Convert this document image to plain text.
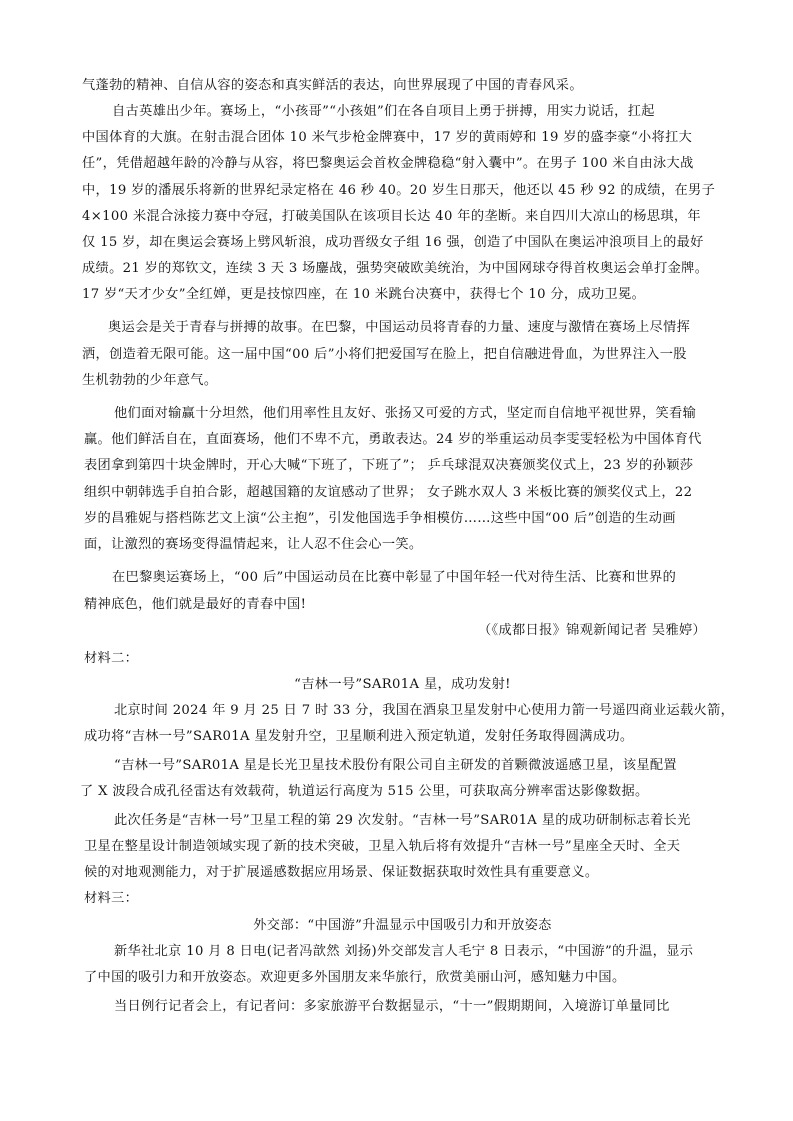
气蓬勃的精神、自信从容的姿态和真实鲜活的表达，向世界展现了中国的青春风采。
自古英雄出少年。赛场上，“小孩哥”“小孩姐”们在各自项目上勇于拼搏，用实力说话，扛起
中国体育的大旗。在射击混合团体 10 米气步枪金牌赛中，17 岁的黄雨婷和 19 岁的盛李豪“小将扛大
任”，凭借超越年龄的冷静与从容，将巴黎奥运会首枚金牌稳稳“射入囊中”。在男子 100 米自由泳大战
中，19 岁的潘展乐将新的世界纪录定格在 46 秒 40。20 岁生日那天，他还以 45 秒 92 的成绩，在男子
4×100 米混合泳接力赛中夺冠，打破美国队在该项目长达 40 年的垄断。来自四川大凉山的杨思琪，年
仅 15 岁，却在奥运会赛场上劈风斩浪，成功晋级女子组 16 强，创造了中国队在奥运冲浪项目上的最好
成绩。21 岁的郑钦文，连续 3 天 3 场鏖战，强势突破欧美统治，为中国网球夺得首枚奥运会单打金牌。
17 岁“天才少女”全红婵，更是技惊四座，在 10 米跳台决赛中，获得七个 10 分，成功卫冕。
奥运会是关于青春与拼搏的故事。在巴黎，中国运动员将青春的力量、速度与激情在赛场上尽情挥
洒，创造着无限可能。这一届中国“00 后”小将们把爱国写在脸上，把自信融进骨血，为世界注入一股
生机勃勃的少年意气。
他们面对输赢十分坦然，他们用率性且友好、张扬又可爱的方式，坚定而自信地平视世界，笑看输
赢。他们鲜活自在，直面赛场，他们不卑不亢，勇敢表达。24 岁的举重运动员李雯雯轻松为中国体育代
表团拿到第四十块金牌时，开心大喊“下班了，下班了”； 乒乓球混双决赛颁奖仪式上，23 岁的孙颖莎
组织中朝韩选手自拍合影，超越国籍的友谊感动了世界； 女子跳水双人 3 米板比赛的颁奖仪式上，22
岁的昌雅妮与搭档陈艺文上演“公主抱”，引发他国选手争相模仿……这些中国“00 后”创造的生动画
面，让激烈的赛场变得温情起来，让人忍不住会心一笑。
在巴黎奥运赛场上，“00 后”中国运动员在比赛中彰显了中国年轻一代对待生活、比赛和世界的
精神底色，他们就是最好的青春中国!
（《成都日报》锦观新闻记者 吴雅婷）
材料二：
“吉林一号”SAR01A 星，成功发射!
北京时间 2024 年 9 月 25 日 7 时 33 分，我国在酒泉卫星发射中心使用力箭一号遥四商业运载火箭，
成功将“吉林一号”SAR01A 星发射升空，卫星顺利进入预定轨道，发射任务取得圆满成功。
“吉林一号”SAR01A 星是长光卫星技术股份有限公司自主研发的首颗微波遥感卫星，该星配置
了 X 波段合成孔径雷达有效载荷，轨道运行高度为 515 公里，可获取高分辨率雷达影像数据。
此次任务是“吉林一号”卫星工程的第 29 次发射。“吉林一号”SAR01A 星的成功研制标志着长光
卫星在整星设计制造领域实现了新的技术突破，卫星入轨后将有效提升“吉林一号”星座全天时、全天
候的对地观测能力，对于扩展遥感数据应用场景、保证数据获取时效性具有重要意义。
材料三：
外交部：“中国游”升温显示中国吸引力和开放姿态
新华社北京 10 月 8 日电(记者冯歆然 刘扬)外交部发言人毛宁 8 日表示，“中国游”的升温，显示
了中国的吸引力和开放姿态。欢迎更多外国朋友来华旅行，欣赏美丽山河，感知魅力中国。
当日例行记者会上，有记者问：多家旅游平台数据显示，“十一”假期期间，入境游订单量同比
